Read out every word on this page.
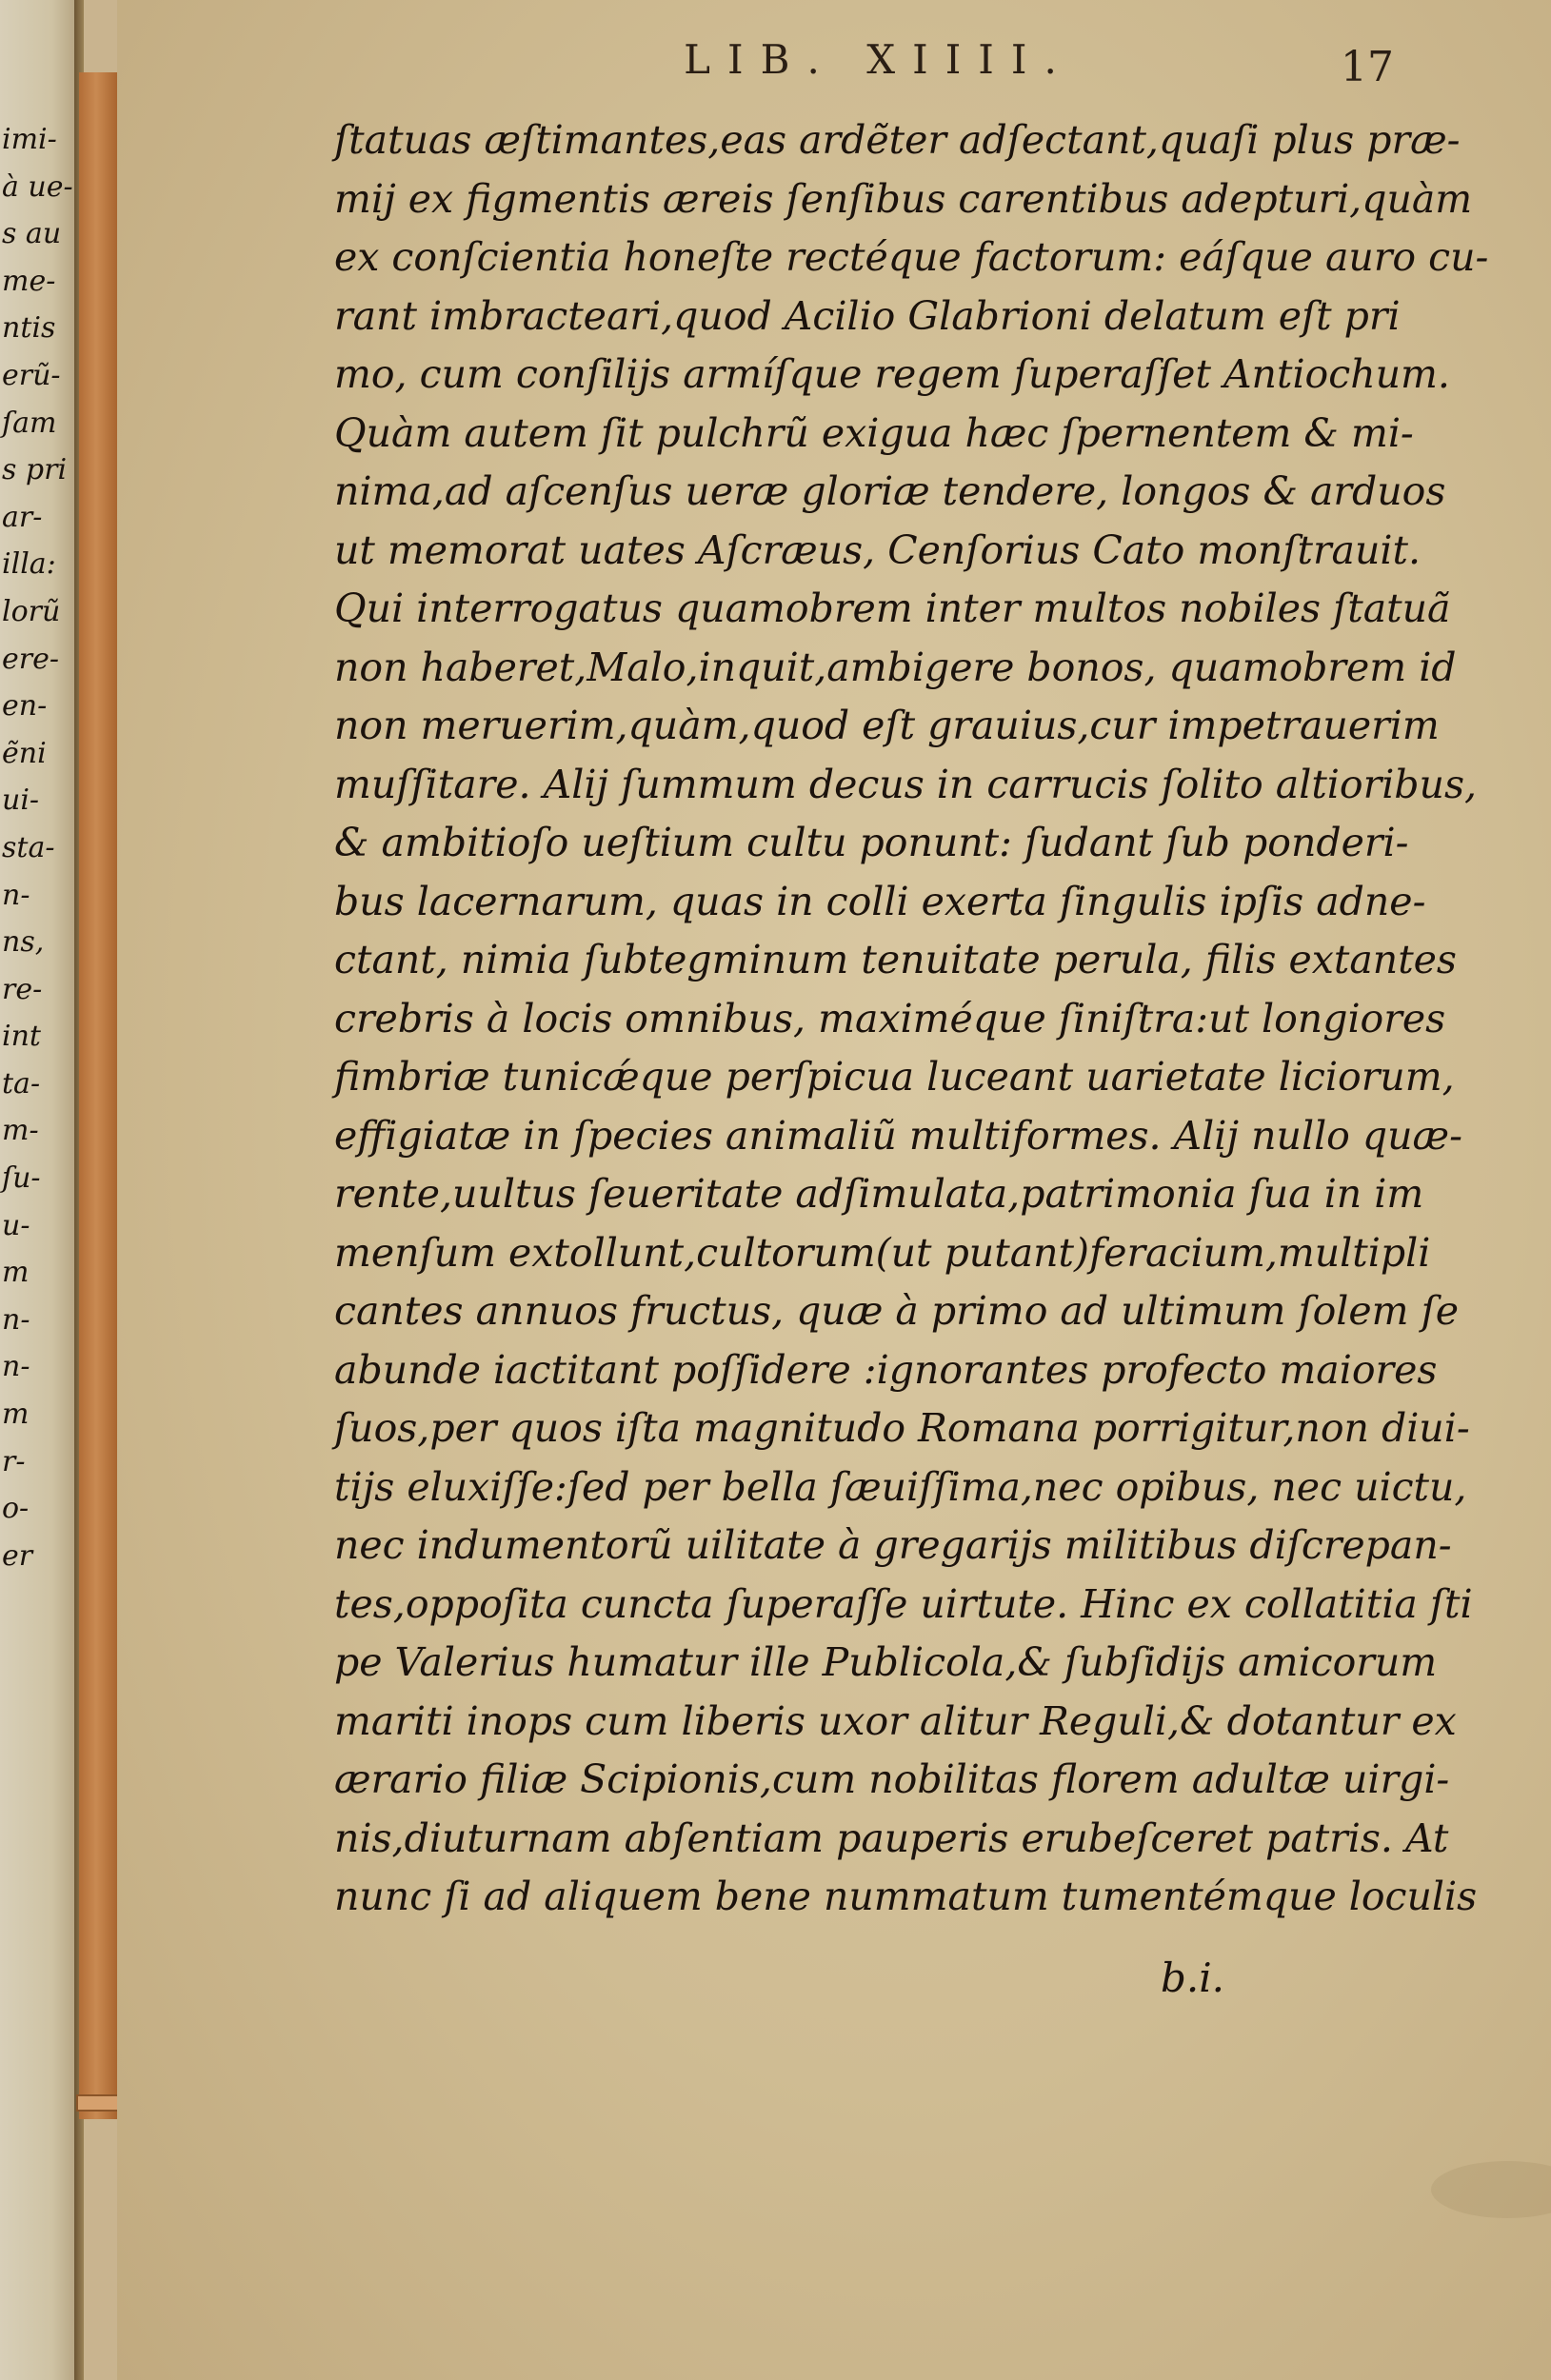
imi-
à ue-
s au
me-
ntis
erũ-
ſam
s pri
ar-
illa:
lorũ
ere-
en-
ẽni
ui-
sta-
n-
ns,
re-
int
ta-
m-
ſu-
u-
m
n-
n-
m
r-
o-
er
LIB. XIIII.	17
ſtatuas æſtimantes,eas ardẽter adſectant,quaſi plus præ-
mij ex figmentis æreis ſenſibus carentibus adepturi,quàm
ex conſcientia honeſte rectéque factorum: eáſque auro cu-
rant imbracteari,quod Acilio Glabrioni delatum eſt pri
mo, cum conſilijs armíſque regem ſuperaſſet Antiochum.
Quàm autem ſit pulchrũ exigua hæc ſpernentem & mi-
nima,ad aſcenſus ueræ gloriæ tendere, longos & arduos
ut memorat uates Aſcræus, Cenſorius Cato monſtrauit.
Qui interrogatus quamobrem inter multos nobiles ſtatuã
non haberet,Malo,inquit,ambigere bonos, quamobrem id
non meruerim,quàm,quod eſt grauius,cur impetrauerim
muſſitare. Alij ſummum decus in carrucis ſolito altioribus,
& ambitioſo ueſtium cultu ponunt: ſudant ſub ponderi-
bus lacernarum, quas in colli exerta ſingulis ipſis adne-
ctant, nimia ſubtegminum tenuitate perula, filis extantes
crebris à locis omnibus, maximéque ſiniſtra:ut longiores
fimbriæ tunicǽque perſpicua luceant uarietate liciorum,
effigiatæ in ſpecies animaliũ multiformes. Alij nullo quæ-
rente,uultus ſeueritate adſimulata,patrimonia ſua in im
menſum extollunt,cultorum(ut putant)feracium,multipli
cantes annuos fructus, quæ à primo ad ultimum ſolem ſe
abunde iactitant poſſidere :ignorantes profecto maiores
ſuos,per quos iſta magnitudo Romana porrigitur,non diui-
tijs eluxiſſe:ſed per bella ſæuiſſima,nec opibus, nec uictu,
nec indumentorũ uilitate à gregarijs militibus diſcrepan-
tes,oppoſita cuncta ſuperaſſe uirtute. Hinc ex collatitia ſti
pe Valerius humatur ille Publicola,& ſubſidijs amicorum
mariti inops cum liberis uxor alitur Reguli,& dotantur ex
ærario filiæ Scipionis,cum nobilitas florem adultæ uirgi-
nis,diuturnam abſentiam pauperis erubeſceret patris. At
nunc ſi ad aliquem bene nummatum tumentémque loculis
b.i.
